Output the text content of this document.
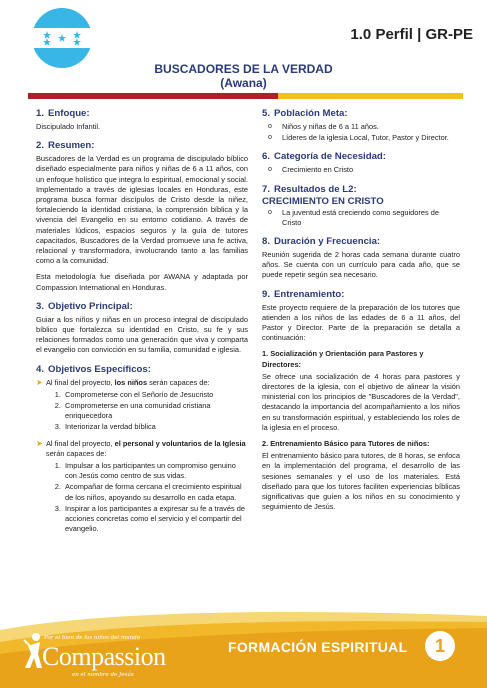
1.0 Perfil | GR-PE
BUSCADORES DE LA VERDAD
(Awana)
1. Enfoque:
Discipulado Infantil.
2. Resumen:
Buscadores de la Verdad es un programa de discipulado bíblico diseñado especialmente para niños y niñas de 6 a 11 años, con un enfoque holístico que integra lo espiritual, emocional y social. Implementado a través de iglesias locales en Honduras, este programa busca formar discípulos de Cristo desde la niñez, fortaleciendo la identidad cristiana, la comprensión bíblica y la vivencia del Evangelio en su entorno cotidiano. A través de materiales lúdicos, espacios seguros y la guía de tutores capacitados, Buscadores de la Verdad promueve una fe activa, relacional y transformadora, involucrando tanto a las familias como a la comunidad.
Esta metodología fue diseñada por AWANA y adaptada por Compassion International en Honduras.
3. Objetivo Principal:
Guiar a los niños y niñas en un proceso integral de discipulado bíblico que fortalezca su identidad en Cristo, su fe y sus relaciones formados como una generación que viva y comparta el evangelio con convicción en su familia, comunidad e iglesia.
4. Objetivos Específicos:
➤ Al final del proyecto, los niños serán capaces de:
1. Comprometerse con el Señorío de Jesucristo
2. Comprometerse en una comunidad cristiana enriquecedora
3. Interiorizar la verdad bíblica
➤ Al final del proyecto, el personal y voluntarios de la Iglesia serán capaces de:
1. Impulsar a los participantes un compromiso genuino con Jesús como centro de sus vidas.
2. Acompañar de forma cercana el crecimiento espiritual de los niños, apoyando su desarrollo en cada etapa.
3. Inspirar a los participantes a expresar su fe a través de acciones concretas como el servicio y el compartir del evangelio.
5. Población Meta:
o Niños y niñas de 6 a 11 años.
o Líderes de la iglesia Local, Tutor, Pastor y Director.
6. Categoría de Necesidad:
o Crecimiento en Cristo
7. Resultados de L2:
CRECIMIENTO EN CRISTO
o La juventud está creciendo como seguidores de Cristo
8. Duración y Frecuencia:
Reunión sugerida de 2 horas cada semana durante cuatro años. Se cuenta con un currículo para cada año, que se puede repetir según sea necesario.
9. Entrenamiento:
Este proyecto requiere de la preparación de los tutores que atienden a los niños de las edades de 6 a 11 años, del Pastor y Director. Parte de la preparación se detalla a continuación:
1. Socialización y Orientación para Pastores y Directores:
Se ofrece una socialización de 4 horas para pastores y directores de la iglesia, con el objetivo de alinear la visión ministerial con los principios de "Buscadores de la Verdad", destacando la importancia del acompañamiento a los niños en su transformación espiritual, y estableciendo los roles de la iglesia en el proceso.
2. Entrenamiento Básico para Tutores de niños:
El entrenamiento básico para tutores, de 8 horas, se enfoca en la implementación del programa, el desarrollo de las sesiones semanales y el uso de los materiales. Está diseñado para que los tutores faciliten experiencias bíblicas significativas que guíen a los niños en su conocimiento y seguimiento de Jesús.
Por el bien de los niños del mundo
Compassion
en el nombre de Jesús
FORMACIÓN ESPIRITUAL	1
